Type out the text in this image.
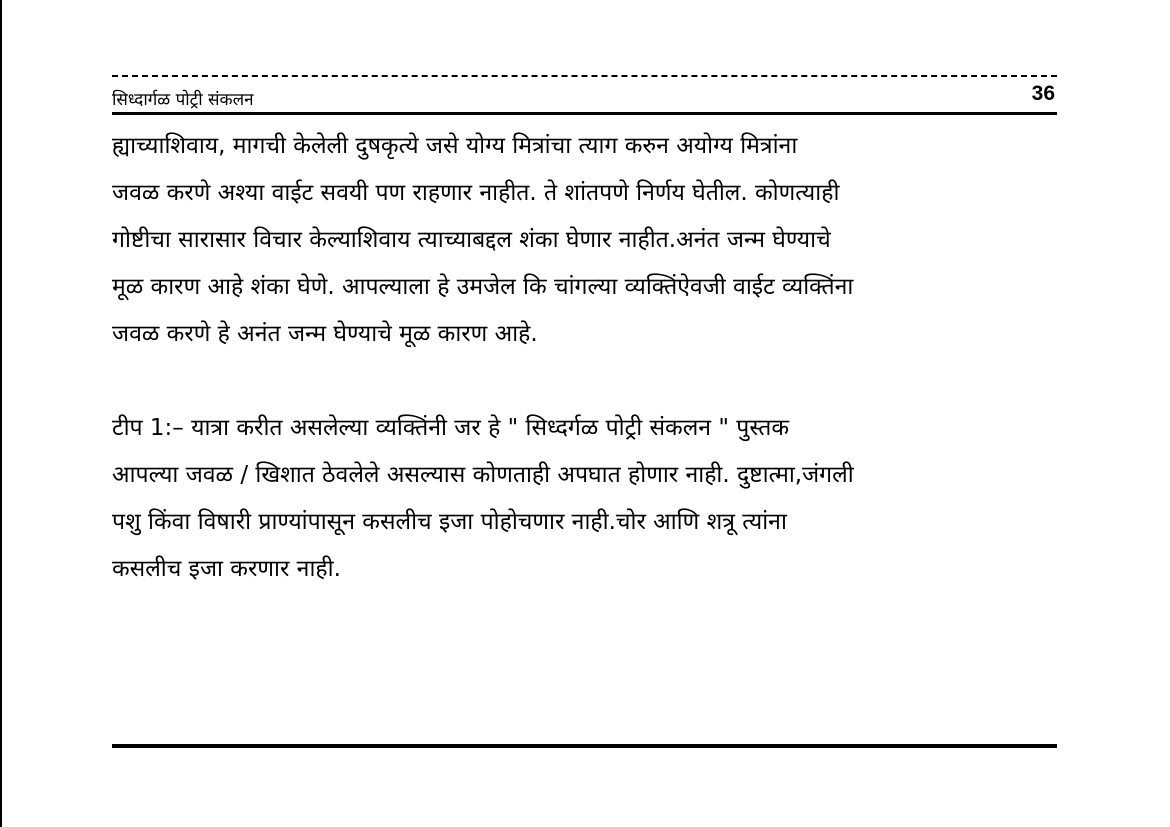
सिध्दार्गळ पोट्री संकलन	36
ह्याच्याशिवाय, मागची केलेली दुषकृत्ये जसे योग्य मित्रांचा त्याग करुन अयोग्य मित्रांना
जवळ करणे अश्या वाईट सवयी पण राहणार नाहीत. ते शांतपणे निर्णय घेतील. कोणत्याही
गोष्टीचा सारासार विचार केल्याशिवाय त्याच्याबद्दल शंका घेणार नाहीत.अनंत जन्म घेण्याचे
मूळ कारण आहे शंका घेणे. आपल्याला हे उमजेल कि चांगल्या व्यक्तिंऐवजी वाईट व्यक्तिंना
जवळ करणे हे अनंत जन्म घेण्याचे मूळ कारण आहे.
टीप 1:– यात्रा करीत असलेल्या व्यक्तिंनी जर हे " सिध्दर्गळ पोट्री संकलन " पुस्तक
आपल्या जवळ / खिशात ठेवलेले असल्यास कोणताही अपघात होणार नाही. दुष्टात्मा,जंगली
पशु किंवा विषारी प्राण्यांपासून कसलीच इजा पोहोचणार नाही.चोर आणि शत्रू त्यांना
कसलीच इजा करणार नाही.
